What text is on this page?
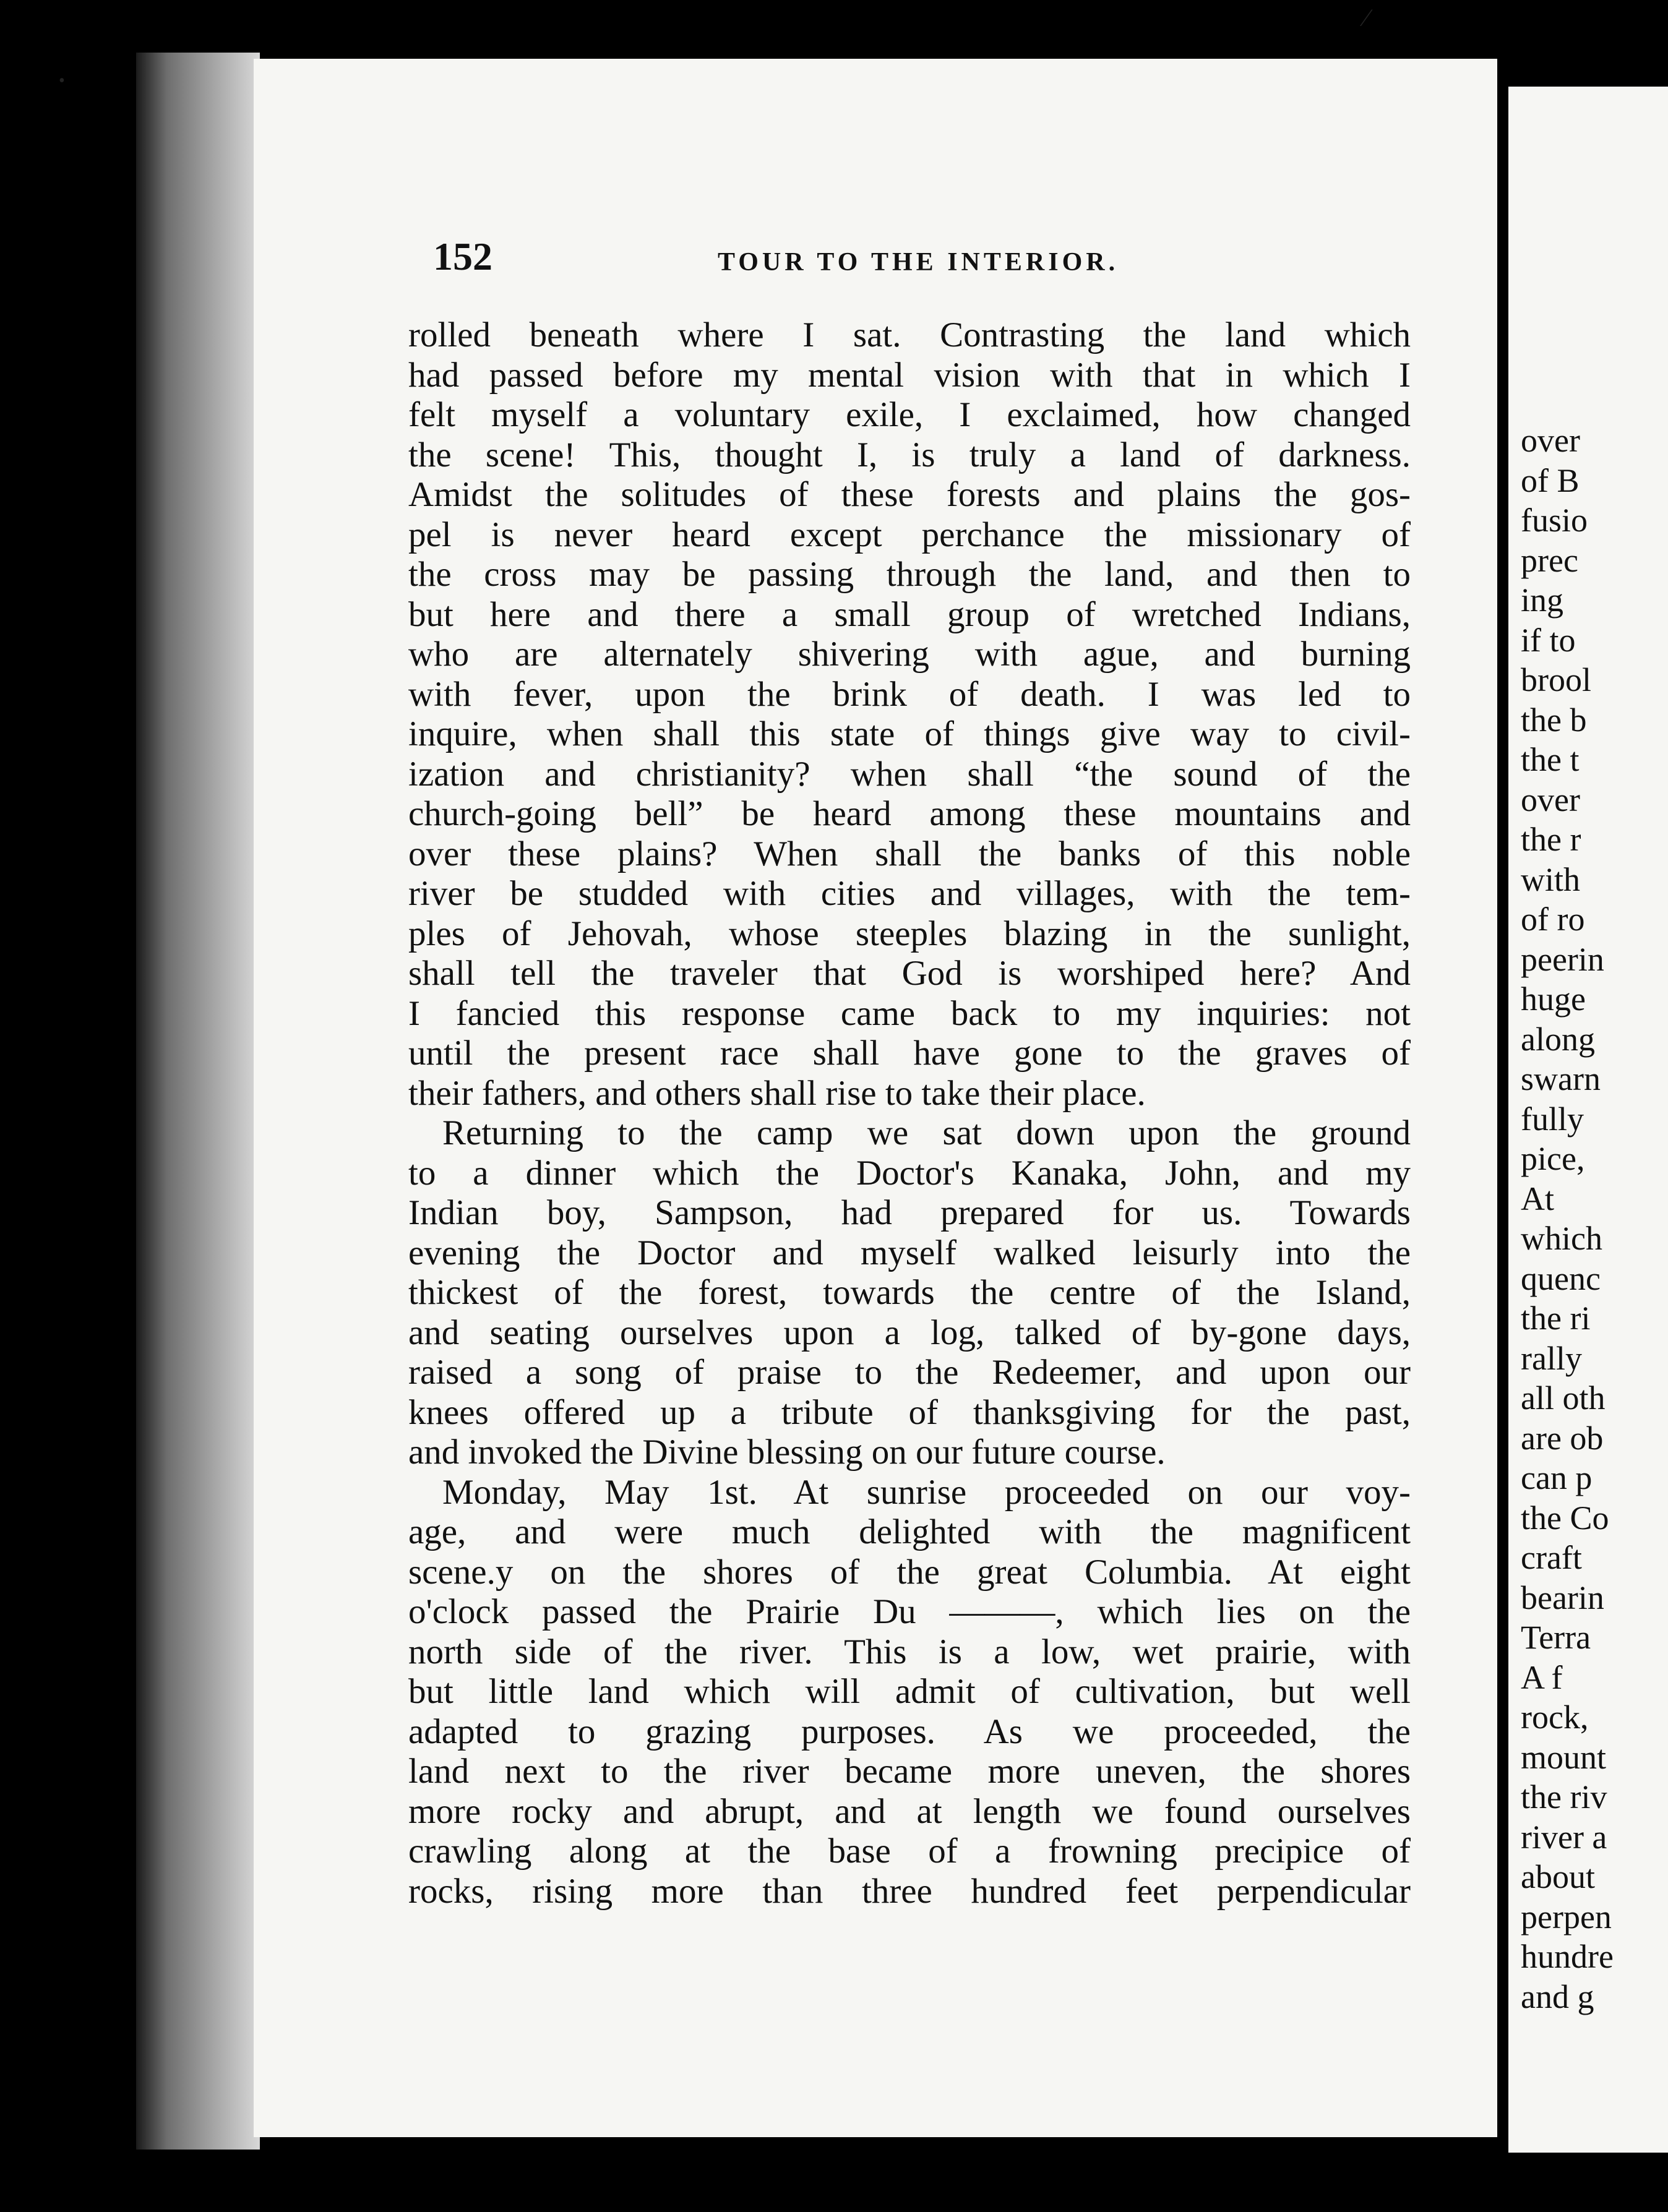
152	TOUR TO THE INTERIOR.
rolled beneath where I sat. Contrasting the land which
had passed before my mental vision with that in which I
felt myself a voluntary exile, I exclaimed, how changed
the scene! This, thought I, is truly a land of darkness.
Amidst the solitudes of these forests and plains the gos-
pel is never heard except perchance the missionary of
the cross may be passing through the land, and then to
but here and there a small group of wretched Indians,
who are alternately shivering with ague, and burning
with fever, upon the brink of death. I was led to
inquire, when shall this state of things give way to civil-
ization and christianity? when shall “the sound of the
church-going bell” be heard among these mountains and
over these plains? When shall the banks of this noble
river be studded with cities and villages, with the tem-
ples of Jehovah, whose steeples blazing in the sunlight,
shall tell the traveler that God is worshiped here? And
I fancied this response came back to my inquiries: not
until the present race shall have gone to the graves of
their fathers, and others shall rise to take their place.
Returning to the camp we sat down upon the ground
to a dinner which the Doctor's Kanaka, John, and my
Indian boy, Sampson, had prepared for us. Towards
evening the Doctor and myself walked leisurly into the
thickest of the forest, towards the centre of the Island,
and seating ourselves upon a log, talked of by-gone days,
raised a song of praise to the Redeemer, and upon our
knees offered up a tribute of thanksgiving for the past,
and invoked the Divine blessing on our future course.
Monday, May 1st. At sunrise proceeded on our voy-
age, and were much delighted with the magnificent
scene.y on the shores of the great Columbia. At eight
o'clock passed the Prairie Du ———, which lies on the
north side of the river. This is a low, wet prairie, with
but little land which will admit of cultivation, but well
adapted to grazing purposes. As we proceeded, the
land next to the river became more uneven, the shores
more rocky and abrupt, and at length we found ourselves
crawling along at the base of a frowning precipice of
rocks, rising more than three hundred feet perpendicular
over
of B
fusio
prec
ing
if to
brool
the b
the t
over
the r
with
of ro
peerin
huge
along
swarn
fully
pice,
At
which
quenc
the ri
rally
all oth
are ob
can p
the Co
craft
bearin
Terra
A f
rock,
mount
the riv
river a
about
perpen
hundre
and g
⁄
•
